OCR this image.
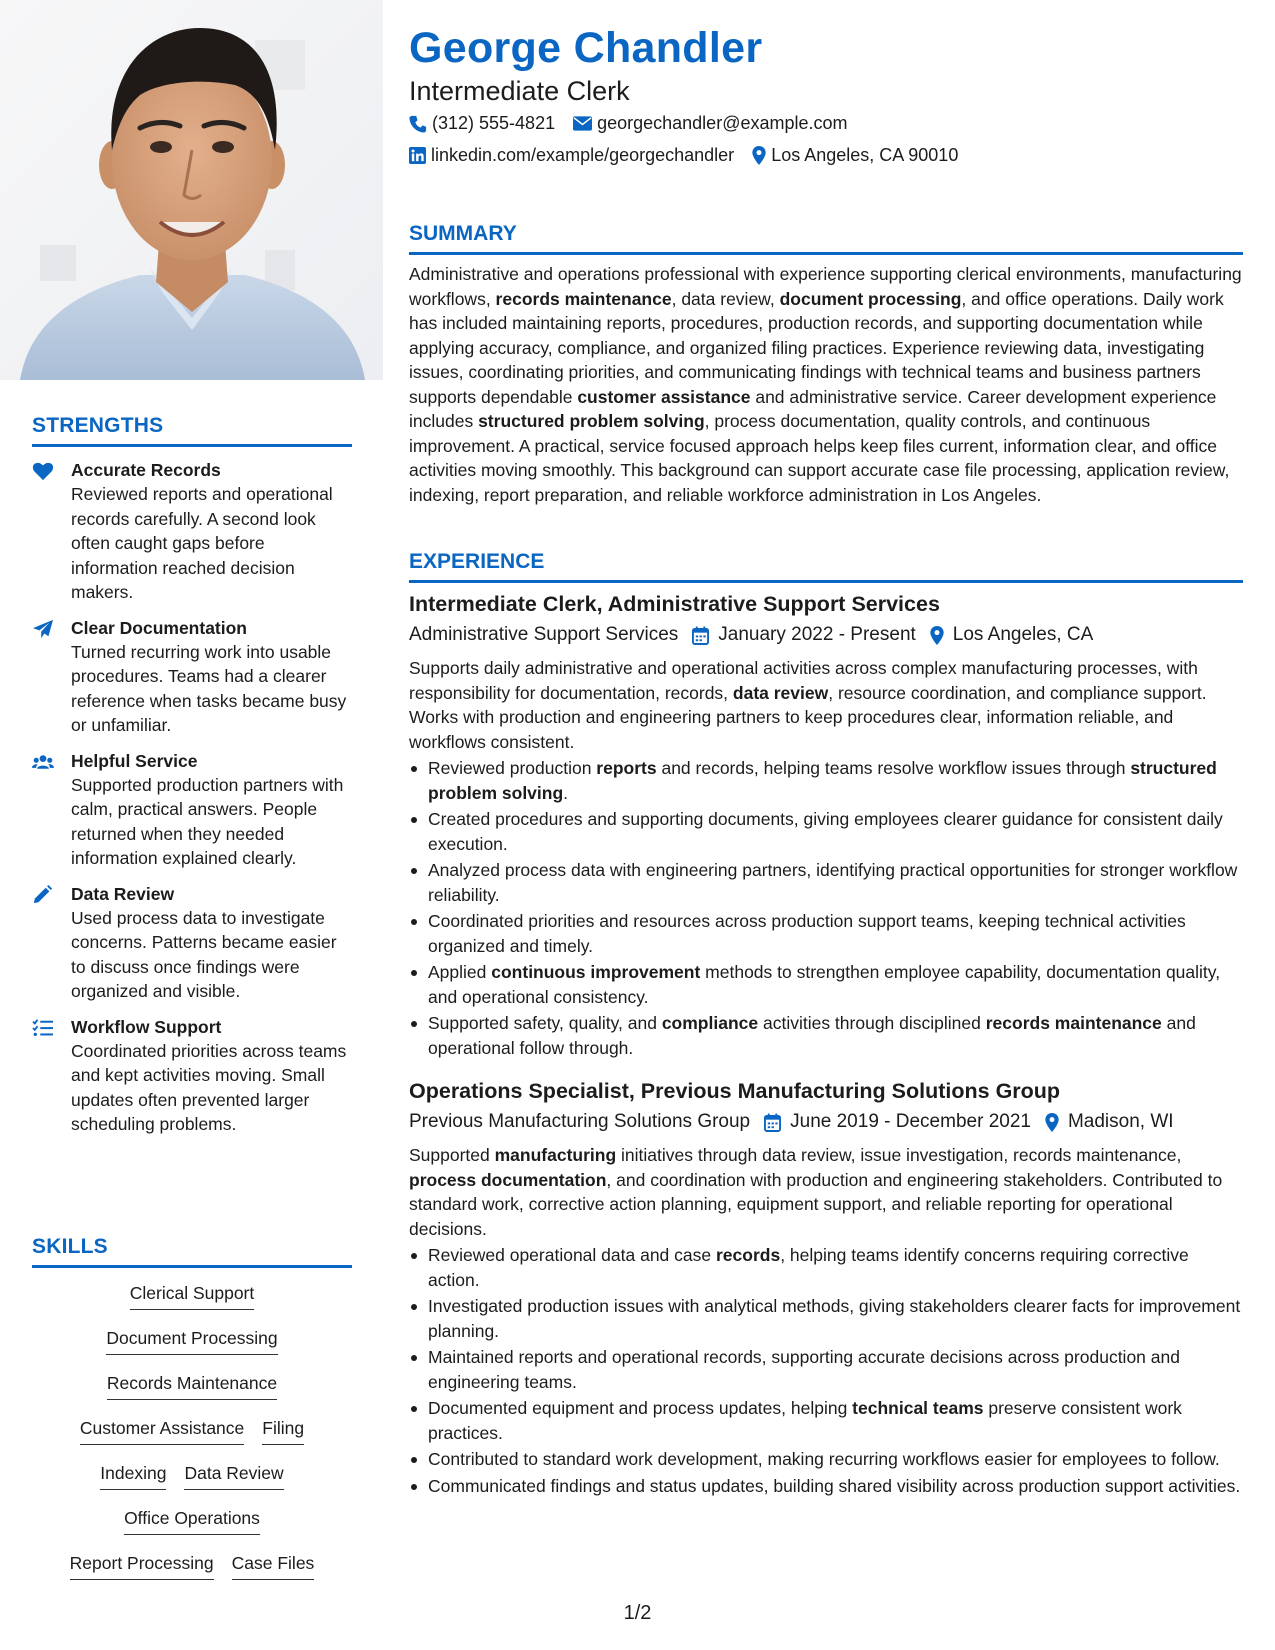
STRENGTHS
Accurate Records
Reviewed reports and operational records carefully. A second look often caught gaps before information reached decision makers.
Clear Documentation
Turned recurring work into usable procedures. Teams had a clearer reference when tasks became busy or unfamiliar.
Helpful Service
Supported production partners with calm, practical answers. People returned when they needed information explained clearly.
Data Review
Used process data to investigate concerns. Patterns became easier to discuss once findings were organized and visible.
Workflow Support
Coordinated priorities across teams and kept activities moving. Small updates often prevented larger scheduling problems.
SKILLS
Clerical Support
Document Processing
Records Maintenance
Customer Assistance Filing
Indexing Data Review
Office Operations
Report Processing Case Files
George Chandler
Intermediate Clerk
(312) 555-4821 georgechandler@example.com
linkedin.com/example/georgechandler Los Angeles, CA 90010
SUMMARY
Administrative and operations professional with experience supporting clerical environments, manufacturing workflows, records maintenance, data review, document processing, and office operations. Daily work has included maintaining reports, procedures, production records, and supporting documentation while applying accuracy, compliance, and organized filing practices. Experience reviewing data, investigating issues, coordinating priorities, and communicating findings with technical teams and business partners supports dependable customer assistance and administrative service. Career development experience includes structured problem solving, process documentation, quality controls, and continuous improvement. A practical, service focused approach helps keep files current, information clear, and office activities moving smoothly. This background can support accurate case file processing, application review, indexing, report preparation, and reliable workforce administration in Los Angeles.
EXPERIENCE
Intermediate Clerk, Administrative Support Services
Administrative Support Services January 2022 - Present Los Angeles, CA
Supports daily administrative and operational activities across complex manufacturing processes, with responsibility for documentation, records, data review, resource coordination, and compliance support. Works with production and engineering partners to keep procedures clear, information reliable, and workflows consistent.
Reviewed production reports and records, helping teams resolve workflow issues through structured problem solving.
Created procedures and supporting documents, giving employees clearer guidance for consistent daily execution.
Analyzed process data with engineering partners, identifying practical opportunities for stronger workflow reliability.
Coordinated priorities and resources across production support teams, keeping technical activities organized and timely.
Applied continuous improvement methods to strengthen employee capability, documentation quality, and operational consistency.
Supported safety, quality, and compliance activities through disciplined records maintenance and operational follow through.
Operations Specialist, Previous Manufacturing Solutions Group
Previous Manufacturing Solutions Group June 2019 - December 2021 Madison, WI
Supported manufacturing initiatives through data review, issue investigation, records maintenance, process documentation, and coordination with production and engineering stakeholders. Contributed to standard work, corrective action planning, equipment support, and reliable reporting for operational decisions.
Reviewed operational data and case records, helping teams identify concerns requiring corrective action.
Investigated production issues with analytical methods, giving stakeholders clearer facts for improvement planning.
Maintained reports and operational records, supporting accurate decisions across production and engineering teams.
Documented equipment and process updates, helping technical teams preserve consistent work practices.
Contributed to standard work development, making recurring workflows easier for employees to follow.
Communicated findings and status updates, building shared visibility across production support activities.
1/2
